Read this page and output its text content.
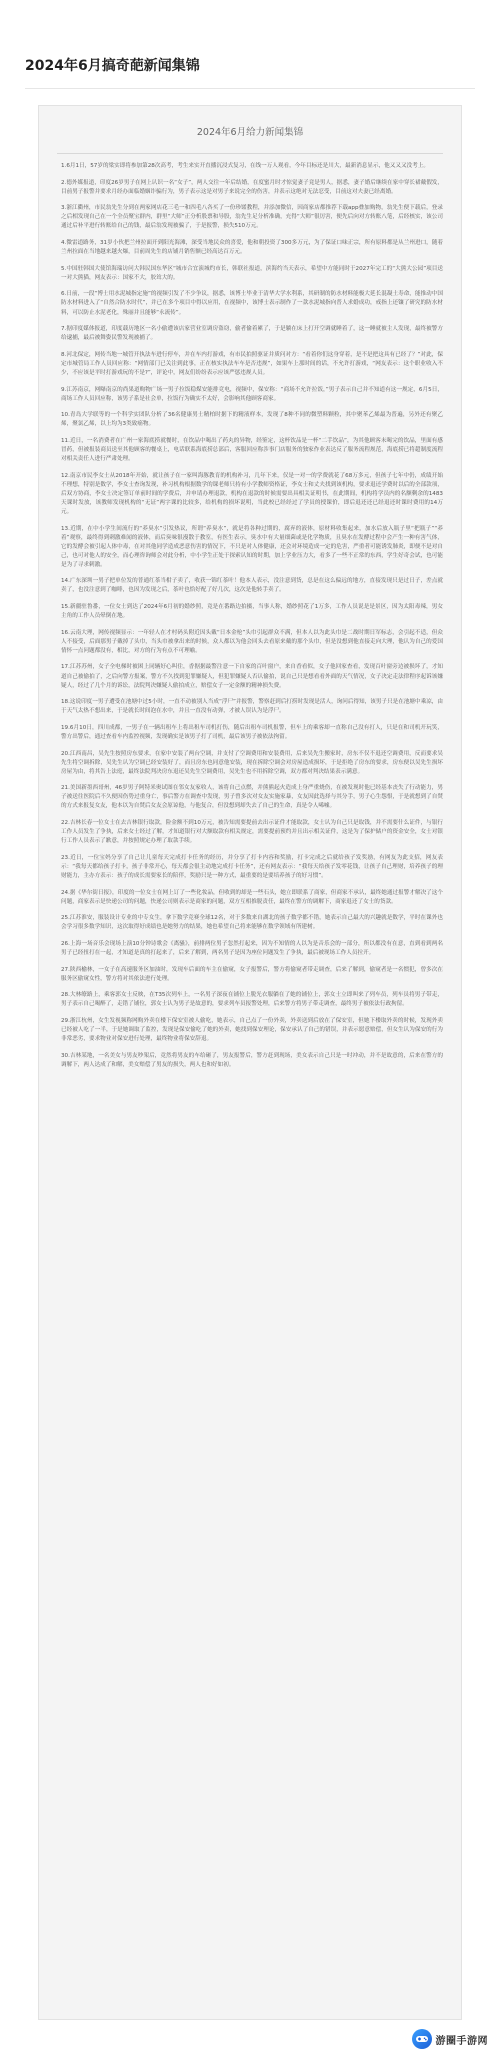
2024年6月搞奇葩新闻集锦
2024年6月给力新闻集锦

1.6月1日，57岁的梁实即将参加第28次高考，考生来实开直播沉浸式复习，在线一万人观看，今年目标还是川大，最新消息显示，他又又又没考上。

2.德外媒报道，印度26岁男子在网上认识一名“女子”，两人交往一年后结婚，在度蜜月时才惊觉妻子竟是男人，据悉，妻子婚后继续在家中穿长裙戴假发，目前男子报警并要求月经办面临婚姻诈骗行为，男子表示这是对男子来说完全的伤害，并表示这绝对无法忍受，目前这对夫妻已经离婚。

3.浙江衢州，市民翁先生分到在两家网店花三毛一和四毛八各买了一份珍馐教程，并添加微信，因商家店都推荐下载app叠加购物，翁先生便下载后，登录之后相发现自己在一个全员聚宝群内，群里“大师”正分析股票和导股，翁先生足分析准确，充得“大师”很厉害，便先后向对方转账八笔，后经核实，该公司通过后补平进行转账给自己的钱，最后翁发现被骗了，于是报警，损失510万元。

4.微雷道路务，31岁小伙把兰州拉面开到阳光海滩，深受当地民众的喜爱，他和朝投资了300多万元，为了保证口味正宗，所有原料都是从兰州进口，随着兰州拉面在当地越来越火爆，目前周先生的店铺月销售额已经高达百万元。

5.中国驻韩国大使馆海瑞访问大韩民国东华区“城市合宜演城约市长，韩联社报道，滨海约当天表示，希望中方能同时于2027年完工的“大熊大公园”项目送一对大熊猫，网友表示：国家不大，胶耸大的。

6.日前，一段“博士用水泥城指定施”的视频引发了不少争议，据悉，该博士毕业于清华大学水利系，其研制的防水材料能极大延长混凝土寿命，能推动中国防水材料进入了“自然合防水时代”，并已在多个项目中得以应用，在视频中，该博士表示制作了一款水泥城指向普人求婚成功，戒指上还镶了研究的防水材料，可以防止水泥老化，殊丽并且能够“永流传”。

7.据印度媒体报道，印度载历地区一名小偷遭该店家营业室调房盗窃，偷者偷着累了，于是躺在床上打开空调就睡着了，这一睡就被主人发现，最终被警方给逮捕，最后被舞姿民警发现被捕了。

8.河北保定，网传当地一城管开执法车进行停车，并在车内打游戏，有市民拍照驱证并质问对方：“看着你们这身穿着，是不是把这具有已经了？”对此，保定市城管局工作人员回应称：“网情部门已关注到此事，正在核实执法车车是否违规”，如果车上那时间的话，不允许打游戏，“网友表示：这个职业收入不少，不应该是平时打游戏玩的不是?”，评论中，网友们纷纷表示应该严惩违规人员。

9.江苏南京，网曝南京的尚果道购物广场一男子拉饭稳煤安能排竞电，视频中，保安称：“商场不允许拉饭，”男子表示自己并不知道有这一规定，6月5日，商场工作人员回应称，该男子系是社会单，拉饭行为确实不太好，会影响其他顾客商家。

10.青岛大学联等的一个科学实团队分析了36名健康男士精柏时据下的精液样本，发现了8种不同的微塑料颗粒，其中聚苯乙烯最为普遍，另外还有聚乙烯，聚氯乙烯，以上均为3类致癌物。

11.近日，一名消费者在广州一家海底捞就餐时，在饮品中喝出了药丸的异物，经鉴定，这杯饮品是一杯“二手饮品”，为其他顾客未喝完的饮品，里面有感冒药，但被报装商员送至其他顾客的餐桌上，电话联系海底捞总部后，客服回应称涉事门店服务的独家作业表达反了服务流程规范，海底捞已将超制度流程对相关责任人进行严肃处理。

12.南京市民李女士从2018年开始，就让孩子在一家叫海豚教育的机构补习，几年下来，仅是一对一的学费就花了68万多元，但孩子七年中仍，成绩开始不理想，特别是数学，李女士查询发现，补习机构根据数学的课老师只持有小学教师资格证，李女士和丈夫找到该机构，要求退还学费时以后的全部款项，后双方协商，李女士决定签订单前时间的学费后，并申请办理退款，机构在退款的时候需要出具相关证明书，在此期间，机构将学员内的名额剩余的1483天课时发放，该教师发现机构的“无证”两字课的比较多，给机构的损坏说明，当此校已经经过了学员的授课价，即后退还还已经退还时课时费用的14万元。

13.近期，在中小学生间流行的“养臭水”引发热议，所谓“养臭水”，就是将各种过期的，腐弃的液体，原材料收集起来，加水后放入瓶子里“把瓶子”“养着”观察，最终得到刺激难闻的液体，而后臭味很漫散于教室，有医生表示，臭水中有大量细菌或是化学物质，且臭水在发酵过程中会产生一种有害气体，它的发酵会被引起人体中毒，在对其他同学造成恶意伤害的情况下，不只是对人体健康，还会对环境造成一定的危害，严重者可能诱发肺炎，即便不是对自己，也可对他人的安全，而心理咨询师会对此分析，中小学生正处于探索认知的时期，加上学业压力大，看多了一些不正常的东西，学生好奇会试，也可能是为了寻求刺激。

14.广东深圳一男子把单位发的普通红茶当柑子卖了，收获一锦红茶叶！他本人表示，没注意到货，总是在这么偏远的地方，直接发现只是过日子，差点就卖了，也没注意到了咖啡，也因为发现之后，茶叶也恰好配了好几次，这次是他转手卖了。

15.新疆驻鲁番，一位女士到达了2024年6月初的婚纱照，竟是在番路边拍摄，当事人称，婚纱照花了1万多，工作人员说是是景区，因为太阳毒辣，男女主角的工作人员晕倒在地。

16.云南大理，网传视频显示：一年轻人在才村码头附近因头戴“日本金枪”头巾引起群众不满，但本人以为此头巾是二战时期日军标志，会引起不适，但众人不接受，后面那男子戴掉了头巾，当头巾被拿出来的时候，众人都以为他会回头去看原来戴的那个头巾，但是没想到他直接走向大理，他认为自己的爱国情怀一点问题都没有，相比，对方的行为有点不可理喻。

17.江苏苏州，女子全电梯时被困上同辆好心叫住，香据据最警注意一下自家的百叶窗户，来自香看似，女子他回家查看，发现百叶窗旁边被损坏了，才知道自己被偷拍了，之后向警方报案，警方不久找到犯罪嫌疑人，但犯罪嫌疑人否认偷拍，说自己只是想看看外面的天气情况，女子决定走法律程序起诉该嫌疑人，经过了几个月的诉讼，法院判决嫌疑人偷拍成立，赔偿女子一定金额的精神损失费。

18.这说印度一男子遭受在池塘中过5小时，一直不动被别人当成“浮尸”并报警，警察赶到后打捞时发现是活人，询问后得知，该男子只是在池塘中乘凉，由于天气太热不想出来，于是就长时间泡在水中，并且一直没有动弹，才被人误认为是浮尸。

19.6月10日，四川成都，一男子在一辆出租车上将出租车司机打伤，随后出租车司机报警，但车上的乘客却一直称自己没有打人，只是在和司机开玩笑，警方出警后，通过查看车内监控视频，发现确实是该男子打了司机，最后该男子被依法拘留。

20.江西南昌，吴先生按照房东要求，在家中安装了两台空调，并支付了空调费用和安装费用，后来吴先生搬家时，房东不仅不退还空调费用，反而要求吴先生将空调拆除，吴先生认为空调已经安装好了，而且房东也同意他安装，现在拆除空调会对房屋造成损坏，于是拒绝了房东的要求，房东便以吴先生损坏房屋为由，将其告上法庭，最终法院判决房东退还吴先生空调费用，吴先生也不用拆除空调，双方都对判决结果表示满意。

21.美国新墨西哥州，46岁男子阿特米奥试图在邻女友家收人，该将自己点燃，并熊熊起火造成上身严重烧伤，在被发现时他已经基本丧失了行动能力，男子被送往医院后不久便因伤势过重身亡，事后警方在调查中发现，男子曾多次对女友实施家暴，女友因此选择与其分手，男子心生怨恨，于是就想到了自焚的方式来报复女友，他本以为自焚后女友会原谅他，与他复合，但没想到却失去了自己的生命，真是令人唏嘘。

22.吉林长春一位女士在去吉林银行取款，险金额不到10万元，被告知需要提前去出示证件才能取款，女士认为自己只是取钱，并不需要什么证件，与银行工作人员发生了争执，后来女士经过了解，才知道银行对大额取款有相关规定，需要提前预约并且出示相关证件，这是为了保护储户的资金安全，女士对银行工作人员表示了歉意，并按照规定办理了取款手续。

23.近日，一位宝妈分享了自己让儿童每天完成打卡任务的经历，并分享了打卡内容和奖励，打卡完成之后就给孩子发奖励，有网友为此支招，网友表示：“我每天都给孩子打卡，孩子非常开心，每天都会很主动地完成打卡任务”，还有网友表示：“我每天给孩子发零花钱，让孩子自己理财，培养孩子的理财能力，主办方表示：孩子的成长需要家长的陪伴，奖励只是一种方式，最重要的是要培养孩子的好习惯”。

24.据《华尔街日报》，印度的一位女士在网上订了一些化妆品，但收到的却是一些石头，她立即联系了商家，但商家不承认，最终她通过报警才解决了这个问题，商家表示是快递公司的问题，快递公司则表示是商家的问题，双方互相推脱责任，最终在警方的调解下，商家退还了女士的货款。

25.江苏淮安，服装设计专业的中专女生，拿下数学竞赛全球12名，对于多数来自湖北的孩子数学都不错，她表示自己最大的兴趣就是数学，平时在课外也会学习很多数学知识，这次取得好成绩也是她努力的结果，她也希望自己将来能够在数学领域有所建树。

26.上海一场音乐会现场上演10分钟诗歌会《离骚》，前排两位男子忽然打起来，因为不知情的人以为是音乐会的一部分，所以都没有在意，直到看到两名男子已经扭打在一起，才知道是真的打起来了，后来了解到，两名男子是因为座位问题发生了争执，最后被现场工作人员拉开。

27.陕西榆林，一女子在高速服务区加油时，发现车后面的车主在偷窥，女子报警后，警方将偷窥者带走调查，后来了解到，偷窥者是一名惯犯，曾多次在服务区偷窥女性，警方将对其依法进行处理。

28.大林缭路上，乘客郭女士反映，在T35次列车上，一名男子深夜在铺位上脱光衣服躺在了她的铺位上，郭女士立即叫来了列车员，列车员将男子带走，男子表示自己喝醉了，走错了铺位，郭女士认为男子是故意的，要求列车员报警处理，后来警方将男子带走调查，最终男子被依法行政拘留。

29.浙江杭州，女生发视频称网购外卖在楼下保安室被人偷吃，她表示，自己点了一份外卖，外卖送到后放在了保安室，但她下楼取外卖的时候，发现外卖已经被人吃了一半，于是她调取了监控，发现是保安偷吃了她的外卖，她找到保安理论，保安承认了自己的错误，并表示愿意赔偿，但女生认为保安的行为非常恶劣，要求物业对保安进行处理，最终物业将保安辞退。

30.吉林某地，一名美女与男友吵架后，竟然将男友的车给砸了，男友报警后，警方赶到现场，美女表示自己只是一时冲动，并不是故意的，后来在警方的调解下，两人达成了和解，美女赔偿了男友的损失，两人也和好如初。

游圈手游网
